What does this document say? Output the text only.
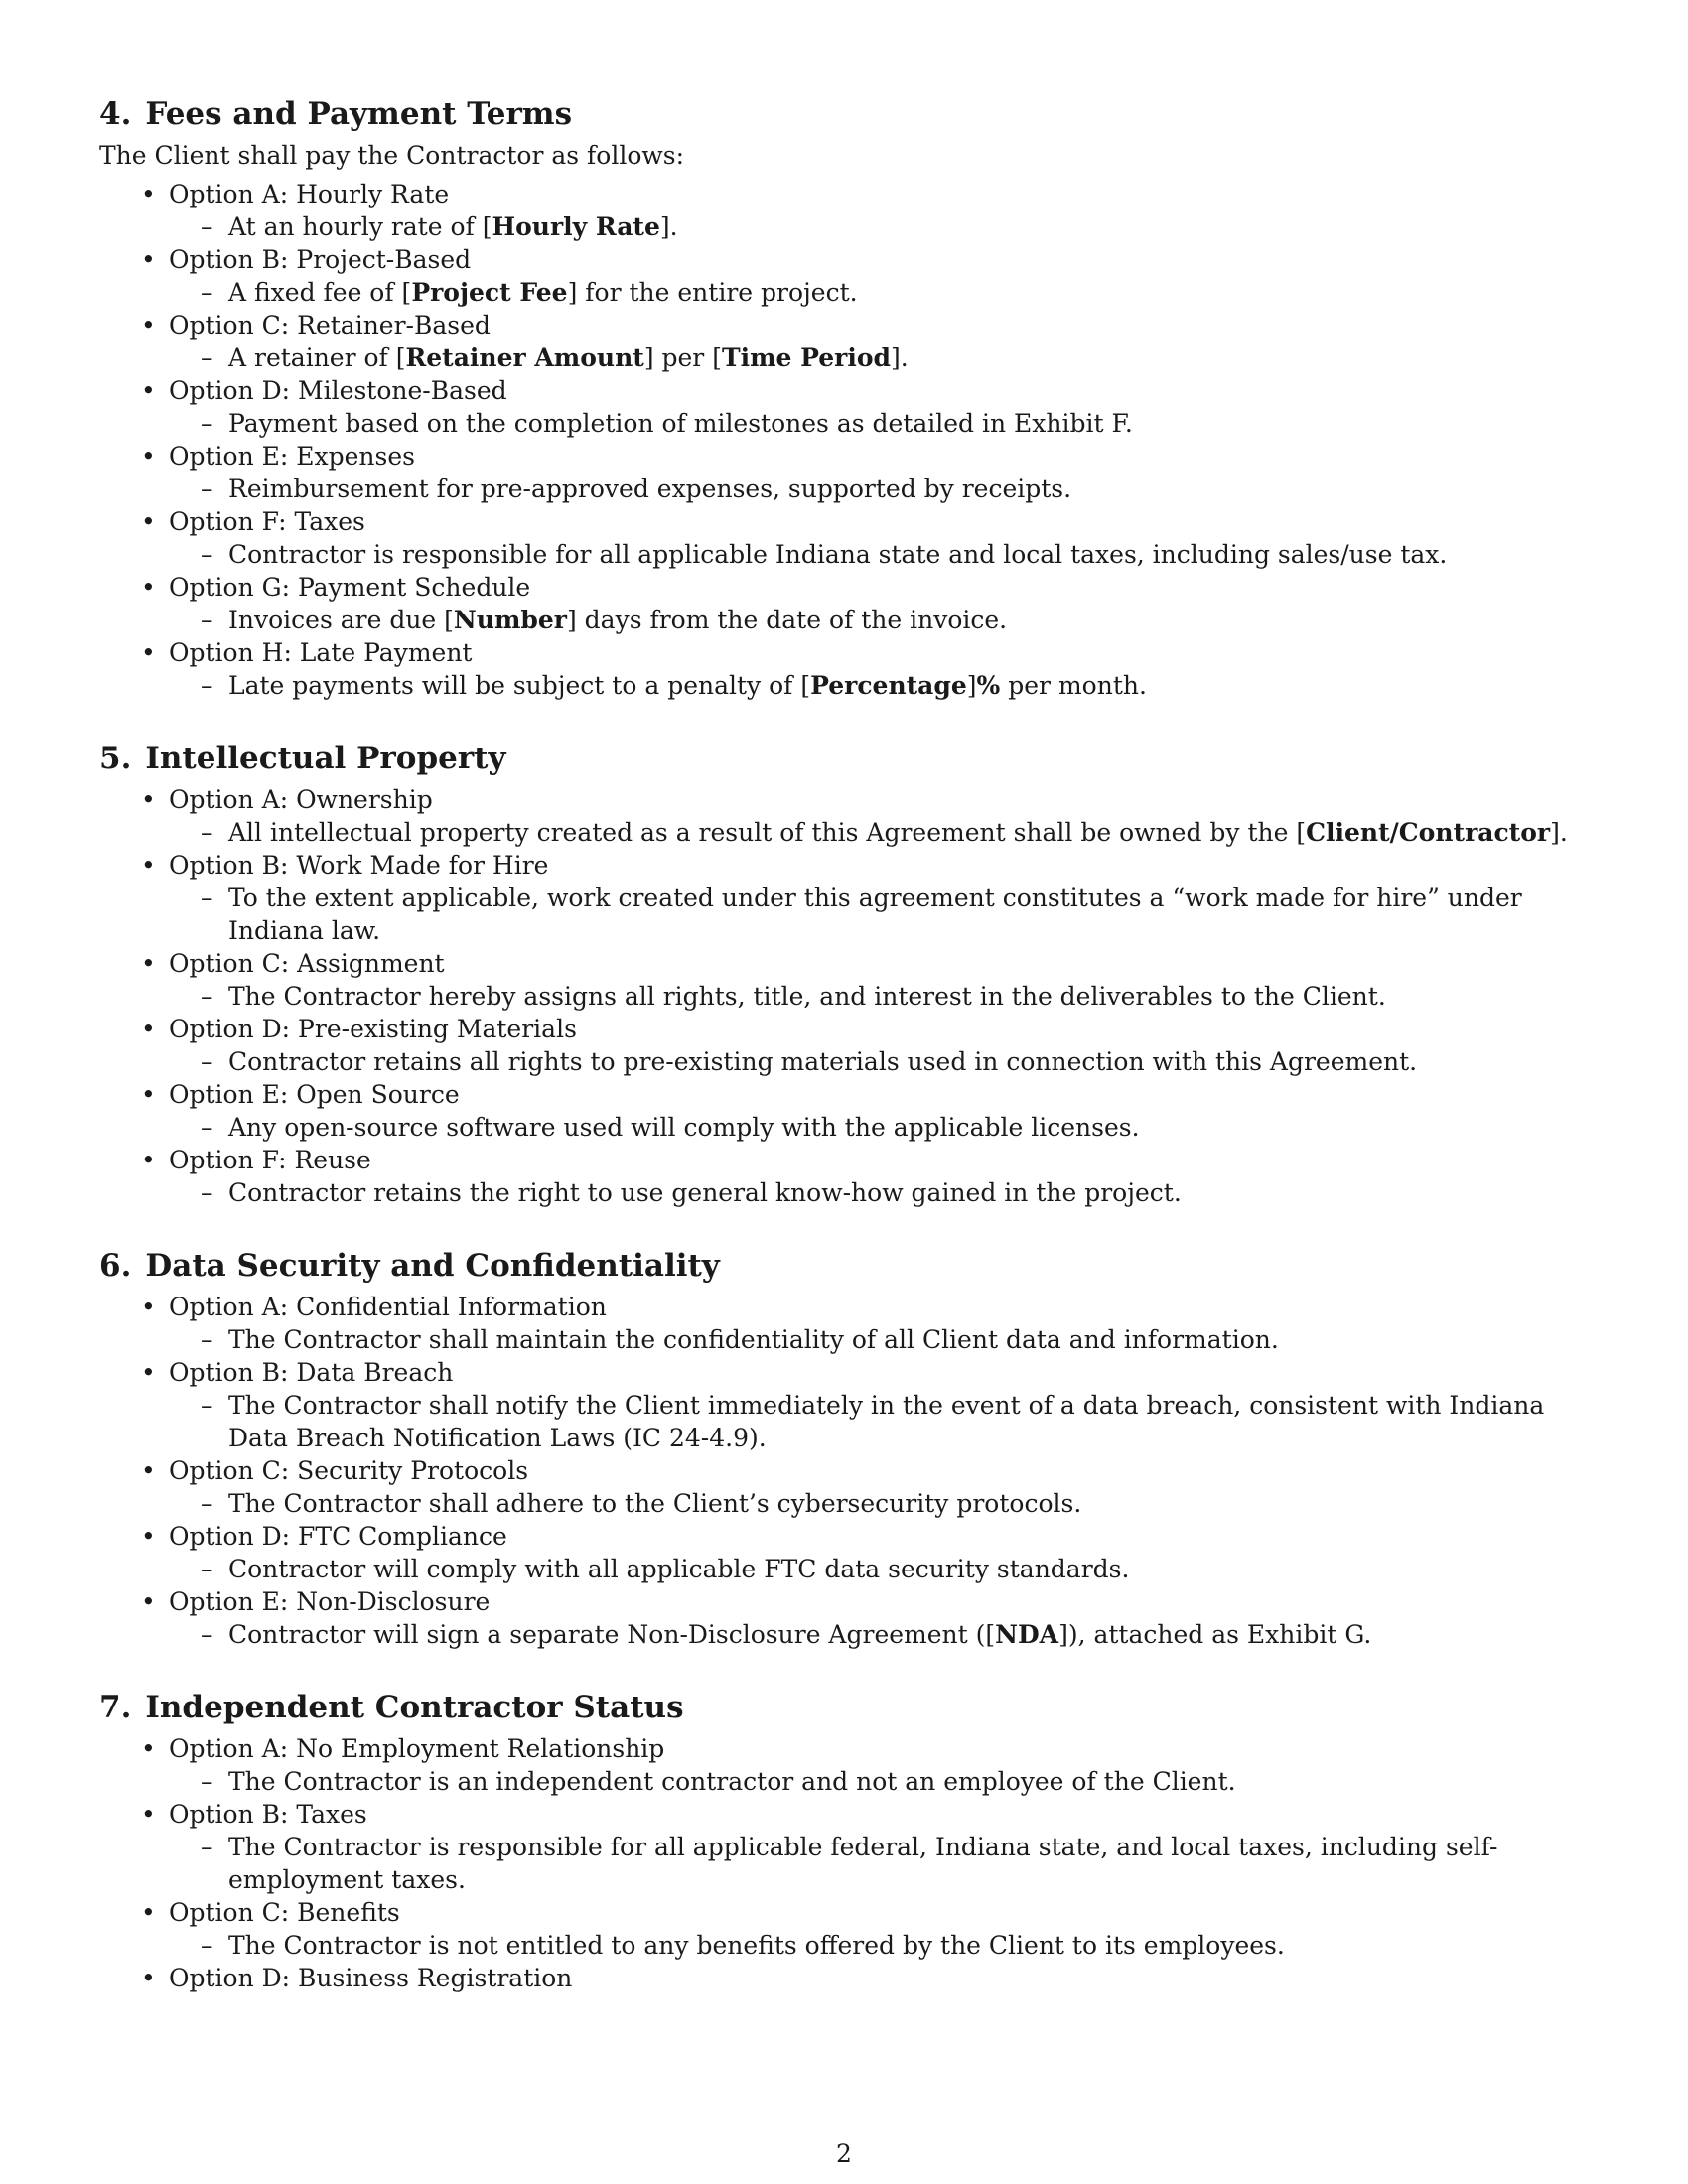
4. Fees and Payment Terms

The Client shall pay the Contractor as follows:

• Option A: Hourly Rate
– At an hourly rate of [Hourly Rate].
• Option B: Project-Based
– A fixed fee of [Project Fee] for the entire project.
• Option C: Retainer-Based
– A retainer of [Retainer Amount] per [Time Period].
• Option D: Milestone-Based
– Payment based on the completion of milestones as detailed in Exhibit F.
• Option E: Expenses
– Reimbursement for pre-approved expenses, supported by receipts.
• Option F: Taxes
– Contractor is responsible for all applicable Indiana state and local taxes, including sales/use tax.
• Option G: Payment Schedule
– Invoices are due [Number] days from the date of the invoice.
• Option H: Late Payment
– Late payments will be subject to a penalty of [Percentage]% per month.
5. Intellectual Property
• Option A: Ownership
– All intellectual property created as a result of this Agreement shall be owned by the [Client/Contractor].
• Option B: Work Made for Hire
– To the extent applicable, work created under this agreement constitutes a “work made for hire” under Indiana law.
• Option C: Assignment
– The Contractor hereby assigns all rights, title, and interest in the deliverables to the Client.
• Option D: Pre-existing Materials
– Contractor retains all rights to pre-existing materials used in connection with this Agreement.
• Option E: Open Source
– Any open-source software used will comply with the applicable licenses.
• Option F: Reuse
– Contractor retains the right to use general know-how gained in the project.
6. Data Security and Confidentiality
• Option A: Confidential Information
– The Contractor shall maintain the confidentiality of all Client data and information.
• Option B: Data Breach
– The Contractor shall notify the Client immediately in the event of a data breach, consistent with Indiana Data Breach Notification Laws (IC 24-4.9).
• Option C: Security Protocols
– The Contractor shall adhere to the Client’s cybersecurity protocols.
• Option D: FTC Compliance
– Contractor will comply with all applicable FTC data security standards.
• Option E: Non-Disclosure
– Contractor will sign a separate Non-Disclosure Agreement ([NDA]), attached as Exhibit G.
7. Independent Contractor Status
• Option A: No Employment Relationship
– The Contractor is an independent contractor and not an employee of the Client.
• Option B: Taxes
– The Contractor is responsible for all applicable federal, Indiana state, and local taxes, including self-employment taxes.
• Option C: Benefits
– The Contractor is not entitled to any benefits offered by the Client to its employees.
• Option D: Business Registration
2
